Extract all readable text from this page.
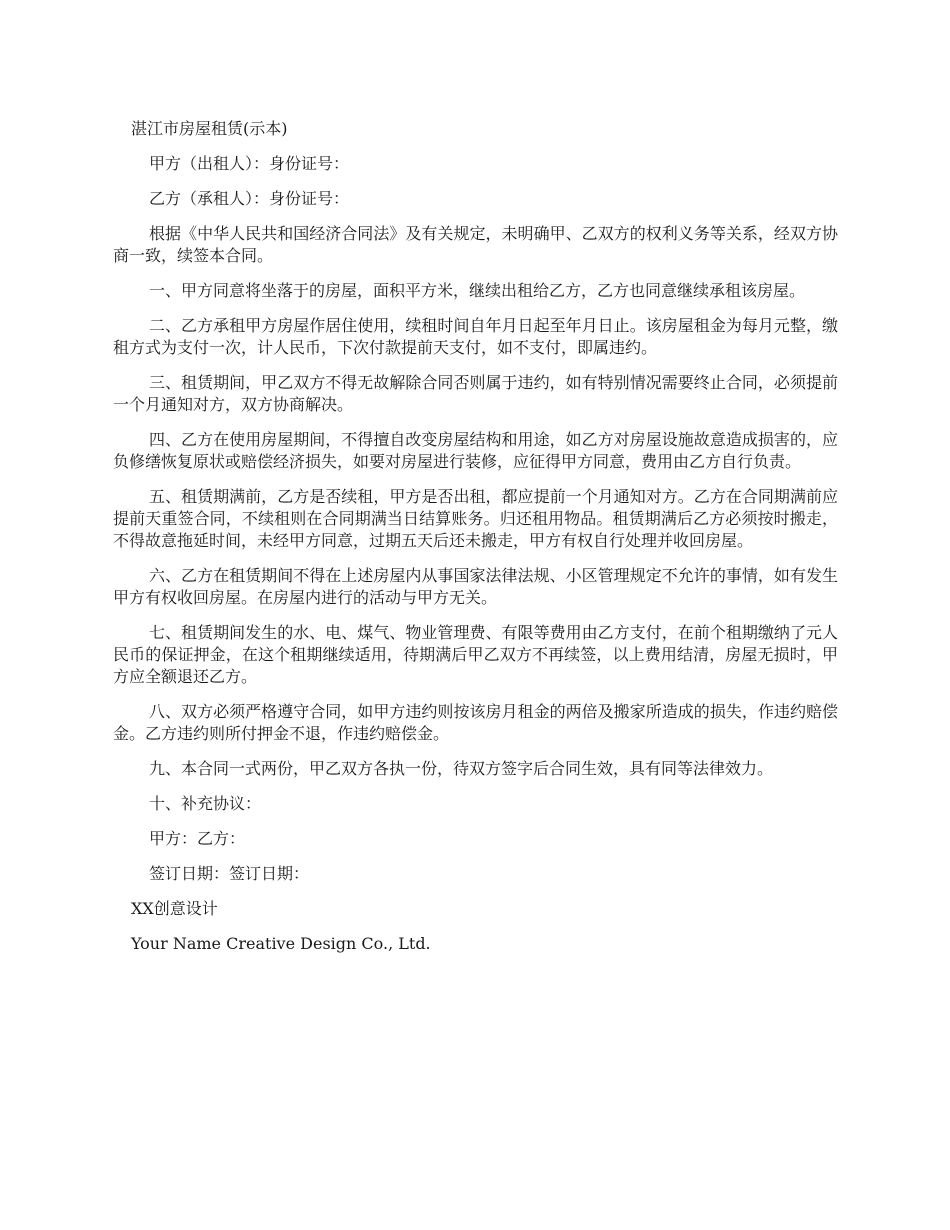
湛江市房屋租赁(示本)

甲方（出租人）：身份证号：

乙方（承租人）：身份证号：

根据《中华人民共和国经济合同法》及有关规定，未明确甲、乙双方的权利义务等关系，经双方协商一致，续签本合同。

一、甲方同意将坐落于的房屋，面积平方米，继续出租给乙方，乙方也同意继续承租该房屋。

二、乙方承租甲方房屋作居住使用，续租时间自年月日起至年月日止。该房屋租金为每月元整，缴租方式为支付一次，计人民币，下次付款提前天支付，如不支付，即属违约。

三、租赁期间，甲乙双方不得无故解除合同否则属于违约，如有特别情况需要终止合同，必须提前一个月通知对方，双方协商解决。

四、乙方在使用房屋期间，不得擅自改变房屋结构和用途，如乙方对房屋设施故意造成损害的，应负修缮恢复原状或赔偿经济损失，如要对房屋进行装修，应征得甲方同意，费用由乙方自行负责。

五、租赁期满前，乙方是否续租，甲方是否出租，都应提前一个月通知对方。乙方在合同期满前应提前天重签合同，不续租则在合同期满当日结算账务。归还租用物品。租赁期满后乙方必须按时搬走，不得故意拖延时间，未经甲方同意，过期五天后还未搬走，甲方有权自行处理并收回房屋。

六、乙方在租赁期间不得在上述房屋内从事国家法律法规、小区管理规定不允许的事情，如有发生甲方有权收回房屋。在房屋内进行的活动与甲方无关。

七、租赁期间发生的水、电、煤气、物业管理费、有限等费用由乙方支付，在前个租期缴纳了元人民币的保证押金，在这个租期继续适用，待期满后甲乙双方不再续签，以上费用结清，房屋无损时，甲方应全额退还乙方。

八、双方必须严格遵守合同，如甲方违约则按该房月租金的两倍及搬家所造成的损失，作违约赔偿金。乙方违约则所付押金不退，作违约赔偿金。

九、本合同一式两份，甲乙双方各执一份，待双方签字后合同生效，具有同等法律效力。

十、补充协议：

甲方：乙方：

签订日期：签订日期：

XX创意设计

Your Name Creative Design Co., Ltd.
